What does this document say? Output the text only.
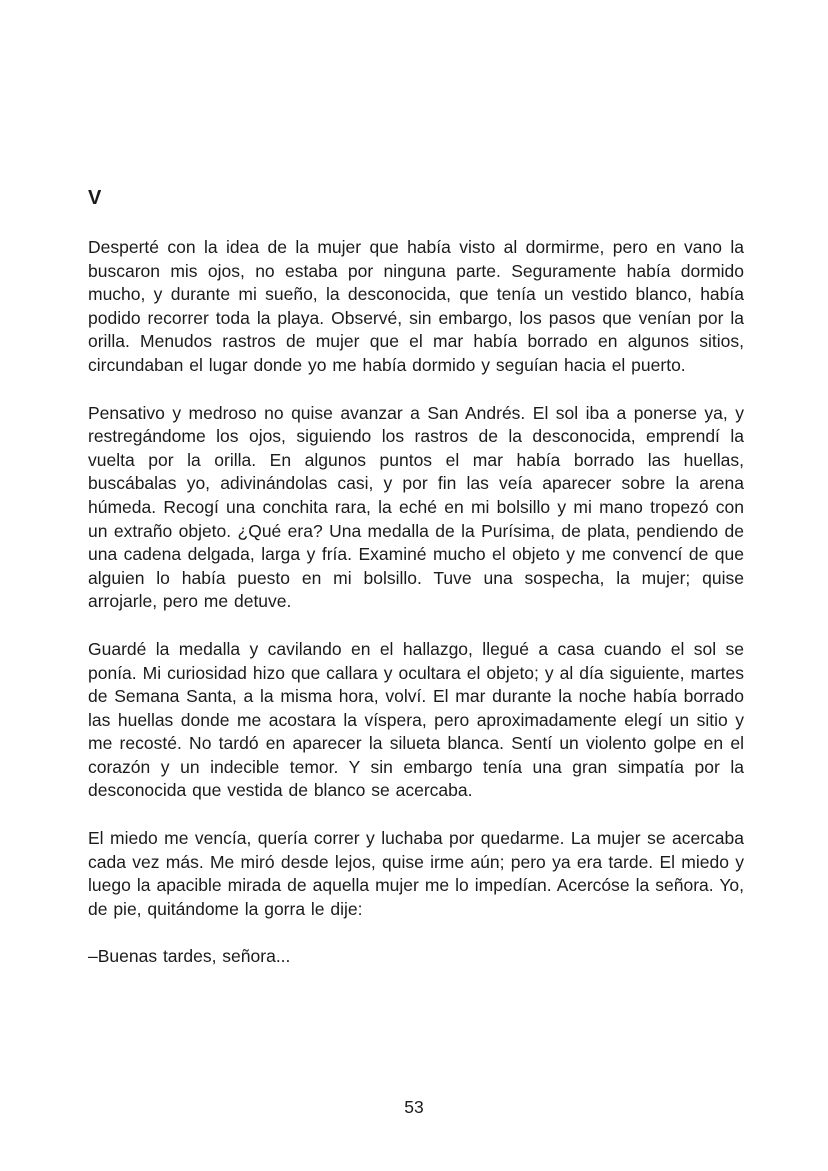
V

Desperté con la idea de la mujer que había visto al dormirme, pero en vano la buscaron mis ojos, no estaba por ninguna parte. Seguramente había dormido mucho, y durante mi sueño, la desconocida, que tenía un vestido blanco, había podido recorrer toda la playa. Observé, sin embargo, los pasos que venían por la orilla. Menudos rastros de mujer que el mar había borrado en algunos sitios, circundaban el lugar donde yo me había dormido y seguían hacia el puerto.

Pensativo y medroso no quise avanzar a San Andrés. El sol iba a ponerse ya, y restregándome los ojos, siguiendo los rastros de la desconocida, emprendí la vuelta por la orilla. En algunos puntos el mar había borrado las huellas, buscábalas yo, adivinándolas casi, y por fin las veía aparecer sobre la arena húmeda. Recogí una conchita rara, la eché en mi bolsillo y mi mano tropezó con un extraño objeto. ¿Qué era? Una medalla de la Purísima, de plata, pendiendo de una cadena delgada, larga y fría. Examiné mucho el objeto y me convencí de que alguien lo había puesto en mi bolsillo. Tuve una sospecha, la mujer; quise arrojarle, pero me detuve.

Guardé la medalla y cavilando en el hallazgo, llegué a casa cuando el sol se ponía. Mi curiosidad hizo que callara y ocultara el objeto; y al día siguiente, martes de Semana Santa, a la misma hora, volví. El mar durante la noche había borrado las huellas donde me acostara la víspera, pero aproximadamente elegí un sitio y me recosté. No tardó en aparecer la silueta blanca. Sentí un violento golpe en el corazón y un indecible temor. Y sin embargo tenía una gran simpatía por la desconocida que vestida de blanco se acercaba.

El miedo me vencía, quería correr y luchaba por quedarme. La mujer se acercaba cada vez más. Me miró desde lejos, quise irme aún; pero ya era tarde. El miedo y luego la apacible mirada de aquella mujer me lo impedían. Acercóse la señora. Yo, de pie, quitándome la gorra le dije:

–Buenas tardes, señora...

53
